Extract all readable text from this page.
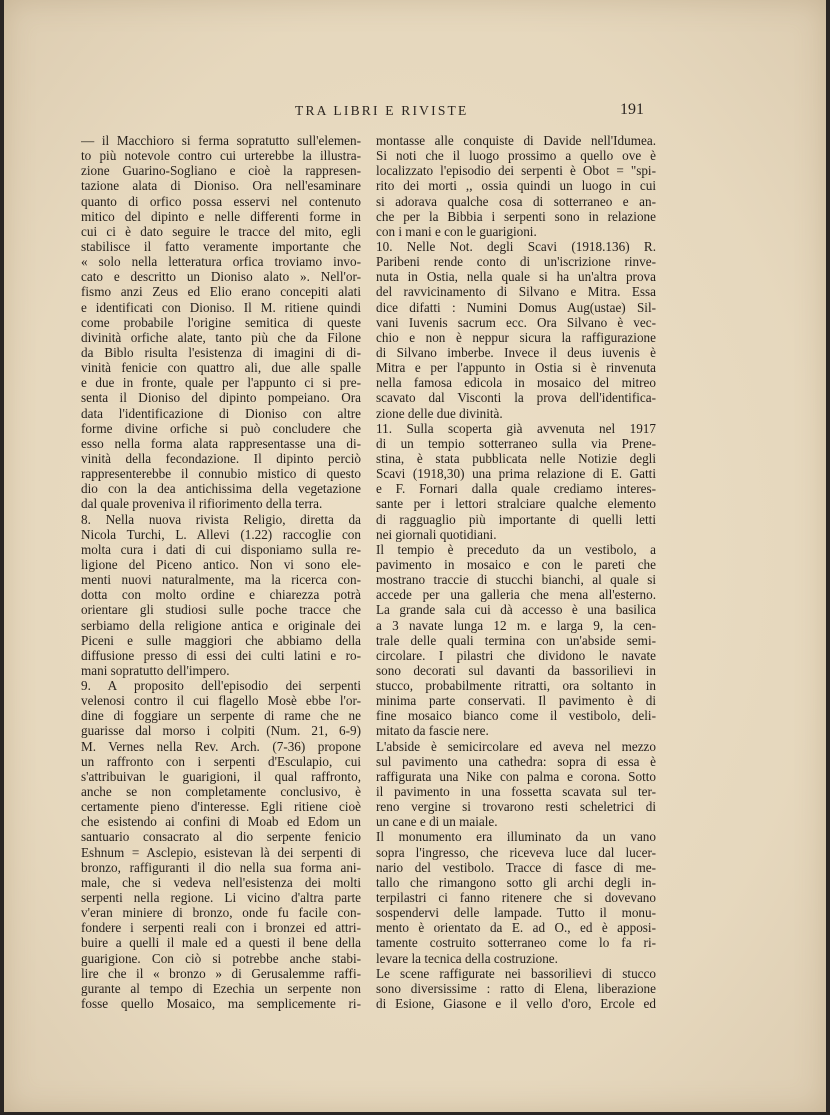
TRA LIBRI E RIVISTE	191
— il Macchioro si ferma sopratutto sull'elemen-
to più notevole contro cui urterebbe la illustra-
zione Guarino-Sogliano e cioè la rappresen-
tazione alata di Dioniso. Ora nell'esaminare
quanto di orfico possa esservi nel contenuto
mitico del dipinto e nelle differenti forme in
cui ci è dato seguire le tracce del mito, egli
stabilisce il fatto veramente importante che
« solo nella letteratura orfica troviamo invo-
cato e descritto un Dioniso alato ». Nell'or-
fismo anzi Zeus ed Elio erano concepiti alati
e identificati con Dioniso. Il M. ritiene quindi
come probabile l'origine semitica di queste
divinità orfiche alate, tanto più che da Filone
da Biblo risulta l'esistenza di imagini di di-
vinità fenicie con quattro ali, due alle spalle
e due in fronte, quale per l'appunto ci si pre-
senta il Dioniso del dipinto pompeiano. Ora
data l'identificazione di Dioniso con altre
forme divine orfiche si può concludere che
esso nella forma alata rappresentasse una di-
vinità della fecondazione. Il dipinto perciò
rappresenterebbe il connubio mistico di questo
dio con la dea antichissima della vegetazione
dal quale proveniva il rifiorimento della terra.
8. Nella nuova rivista Religio, diretta da
Nicola Turchi, L. Allevi (1.22) raccoglie con
molta cura i dati di cui disponiamo sulla re-
ligione del Piceno antico. Non vi sono ele-
menti nuovi naturalmente, ma la ricerca con-
dotta con molto ordine e chiarezza potrà
orientare gli studiosi sulle poche tracce che
serbiamo della religione antica e originale dei
Piceni e sulle maggiori che abbiamo della
diffusione presso di essi dei culti latini e ro-
mani sopratutto dell'impero.
9. A proposito dell'episodio dei serpenti
velenosi contro il cui flagello Mosè ebbe l'or-
dine di foggiare un serpente di rame che ne
guarisse dal morso i colpiti (Num. 21, 6-9)
M. Vernes nella Rev. Arch. (7-36) propone
un raffronto con i serpenti d'Esculapio, cui
s'attribuivan le guarigioni, il qual raffronto,
anche se non completamente conclusivo, è
certamente pieno d'interesse. Egli ritiene cioè
che esistendo ai confini di Moab ed Edom un
santuario consacrato al dio serpente fenicio
Eshnum = Asclepio, esistevan là dei serpenti di
bronzo, raffiguranti il dio nella sua forma ani-
male, che si vedeva nell'esistenza dei molti
serpenti nella regione. Li vicino d'altra parte
v'eran miniere di bronzo, onde fu facile con-
fondere i serpenti reali con i bronzei ed attri-
buire a quelli il male ed a questi il bene della
guarigione. Con ciò si potrebbe anche stabi-
lire che il « bronzo » di Gerusalemme raffi-
gurante al tempo di Ezechia un serpente non
fosse quello Mosaico, ma semplicemente ri-
montasse alle conquiste di Davide nell'Idumea.
Si noti che il luogo prossimo a quello ove è
localizzato l'episodio dei serpenti è Obot = "spi-
rito dei morti ,, ossia quindi un luogo in cui
si adorava qualche cosa di sotterraneo e an-
che per la Bibbia i serpenti sono in relazione
con i mani e con le guarigioni.
10. Nelle Not. degli Scavi (1918.136) R.
Paribeni rende conto di un'iscrizione rinve-
nuta in Ostia, nella quale si ha un'altra prova
del ravvicinamento di Silvano e Mitra. Essa
dice difatti : Numini Domus Aug(ustae) Sil-
vani Iuvenis sacrum ecc. Ora Silvano è vec-
chio e non è neppur sicura la raffigurazione
di Silvano imberbe. Invece il deus iuvenis è
Mitra e per l'appunto in Ostia si è rinvenuta
nella famosa edicola in mosaico del mitreo
scavato dal Visconti la prova dell'identifica-
zione delle due divinità.
11. Sulla scoperta già avvenuta nel 1917
di un tempio sotterraneo sulla via Prene-
stina, è stata pubblicata nelle Notizie degli
Scavi (1918,30) una prima relazione di E. Gatti
e F. Fornari dalla quale crediamo interes-
sante per i lettori stralciare qualche elemento
di ragguaglio più importante di quelli letti
nei giornali quotidiani.
Il tempio è preceduto da un vestibolo, a
pavimento in mosaico e con le pareti che
mostrano traccie di stucchi bianchi, al quale si
accede per una galleria che mena all'esterno.
La grande sala cui dà accesso è una basilica
a 3 navate lunga 12 m. e larga 9, la cen-
trale delle quali termina con un'abside semi-
circolare. I pilastri che dividono le navate
sono decorati sul davanti da bassorilievi in
stucco, probabilmente ritratti, ora soltanto in
minima parte conservati. Il pavimento è di
fine mosaico bianco come il vestibolo, deli-
mitato da fascie nere.
L'abside è semicircolare ed aveva nel mezzo
sul pavimento una cathedra: sopra di essa è
raffigurata una Nike con palma e corona. Sotto
il pavimento in una fossetta scavata sul ter-
reno vergine si trovarono resti scheletrici di
un cane e di un maiale.
Il monumento era illuminato da un vano
sopra l'ingresso, che riceveva luce dal lucer-
nario del vestibolo. Tracce di fasce di me-
tallo che rimangono sotto gli archi degli in-
terpilastri ci fanno ritenere che si dovevano
sospendervi delle lampade. Tutto il monu-
mento è orientato da E. ad O., ed è apposi-
tamente costruito sotterraneo come lo fa ri-
levare la tecnica della costruzione.
Le scene raffigurate nei bassorilievi di stucco
sono diversissime : ratto di Elena, liberazione
di Esione, Giasone e il vello d'oro, Ercole ed
